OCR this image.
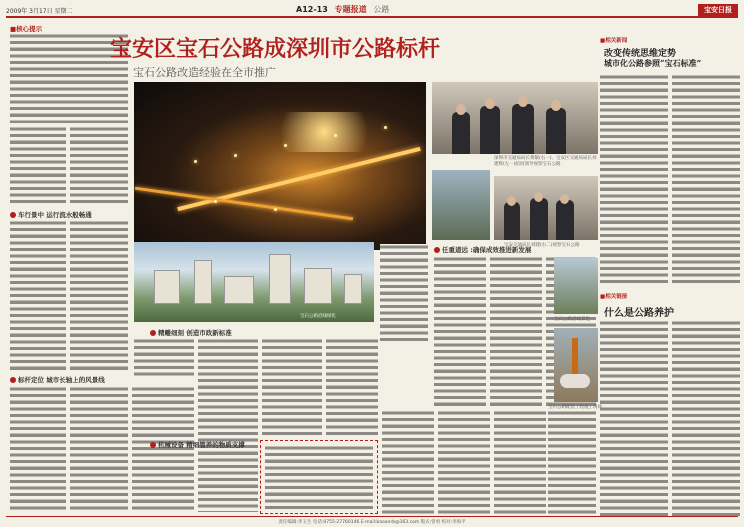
2009年 3月17日 星期二	A12-13 专题报道 公路	宝安日报
■核心提示
车行景中 运行流水般畅通
标杆定位 城市长轴上的风景线
宝安区宝石公路成深圳市公路标杆
宝石公路改造经验在全市推广
宝石公路沿线绿化
精雕细刻 创造市政新标准
机械设备 精细管养的物质支撑
任重道远 :确保成效推进新发展
深圳市交通局局长黄敏(右一)、宝安区交通局局长刘建辉(左一)陪同领导视察宝石公路
宝安交通局长刘建(右二)视察宝石公路
■相关新闻
改变传统思维定势
城市化公路参照“宝石标准”
■相关链接
什么是公路养护
宝石公路沿线景色
宝石公路配套工程施工现场
责任编辑:李玉生 电话:0755-27760146 E-mail:baoanrb@163.com 版式:曾勇 校对:李海平
